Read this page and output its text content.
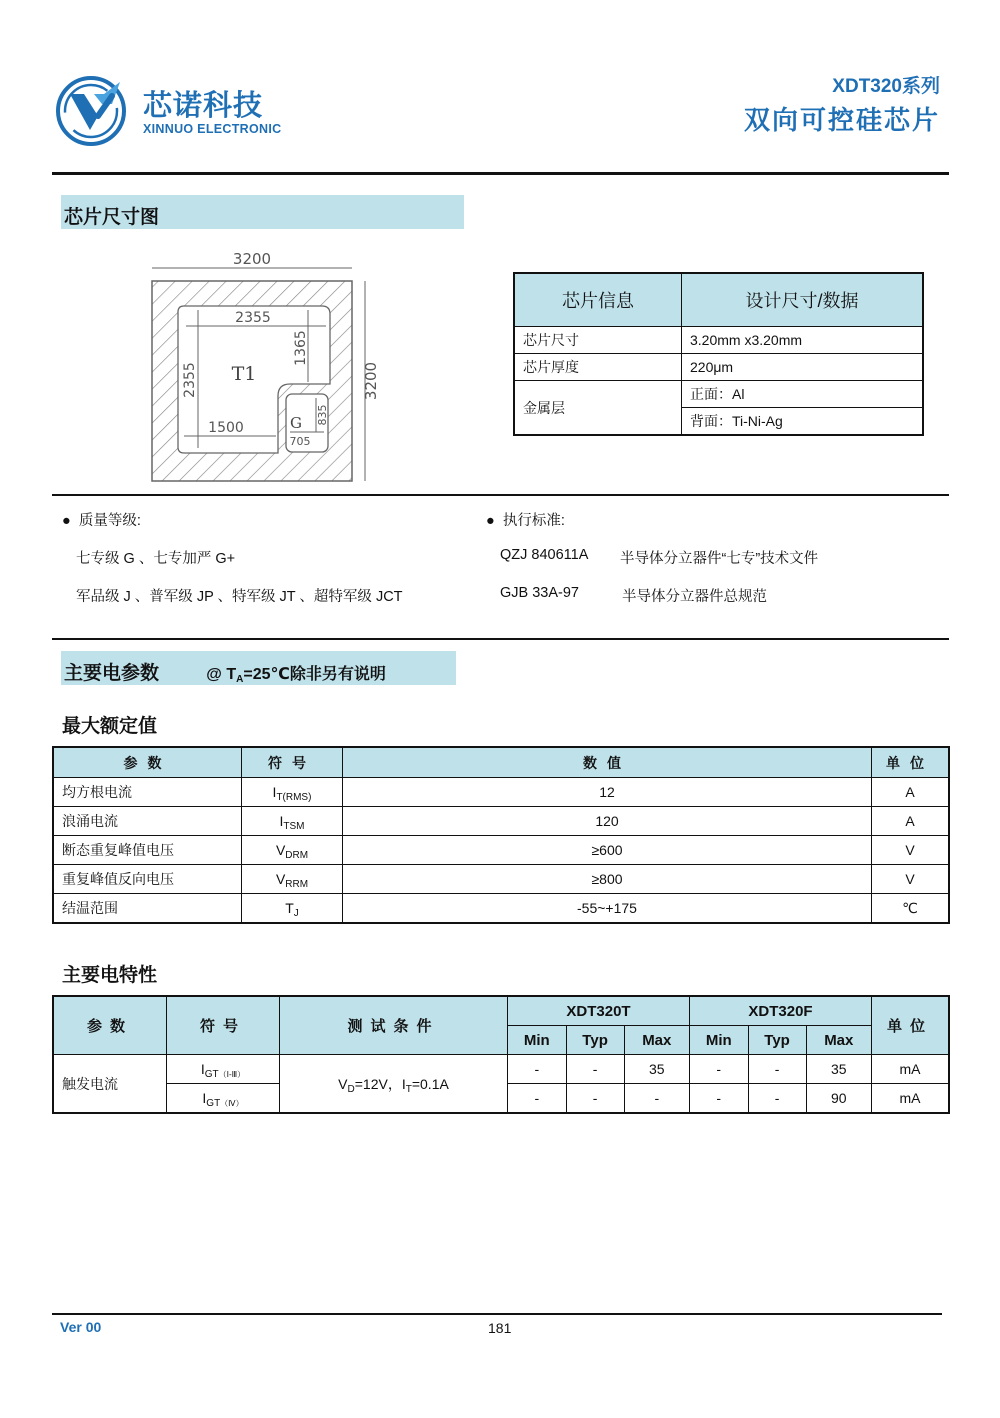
芯诺科技
XINNUO ELECTRONIC
XDT320系列
双向可控硅芯片
芯片尺寸图
3200
3200
2355
2355
1365
1500
705
835
T1
G
芯片信息	设计尺寸/数据
芯片尺寸	3.20mm x3.20mm
芯片厚度	220μm
金属层	正面：Al
	背面：Ti-Ni-Ag
●  质量等级:
七专级 G 、七专加严 G+
军品级 J 、普军级 JP 、特军级 JT 、超特军级 JCT
●  执行标准:
QZJ 840611A 半导体分立器件“七专”技术文件
GJB 33A-97	半导体分立器件总规范
主要电参数	@ $T_A=25℃$除非另有说明
最大额定值
参数	符号	数值	单位
均方根电流	$I_{T(RMS)}$	12	A
浪涌电流	$I_{TSM}$	120	A
断态重复峰值电压	$V_{DRM}$	≥600	V
重复峰值反向电压	$V_{RRM}$	≥800	V
结温范围	$T_J$	-55~+175	℃
主要电特性
参数	符号	测试条件	XDT320T			XDT320F			单位
			Min	Typ	Max	Min	Typ	Max	
触发电流	$I_{GT(Ⅰ-Ⅲ)}$	$V_D=12V$，$I_T=0.1A$	-	-	35	-	-	35	mA
	$I_{GT(Ⅳ)}$		-	-	-	-	-	90	mA
Ver 00	181
